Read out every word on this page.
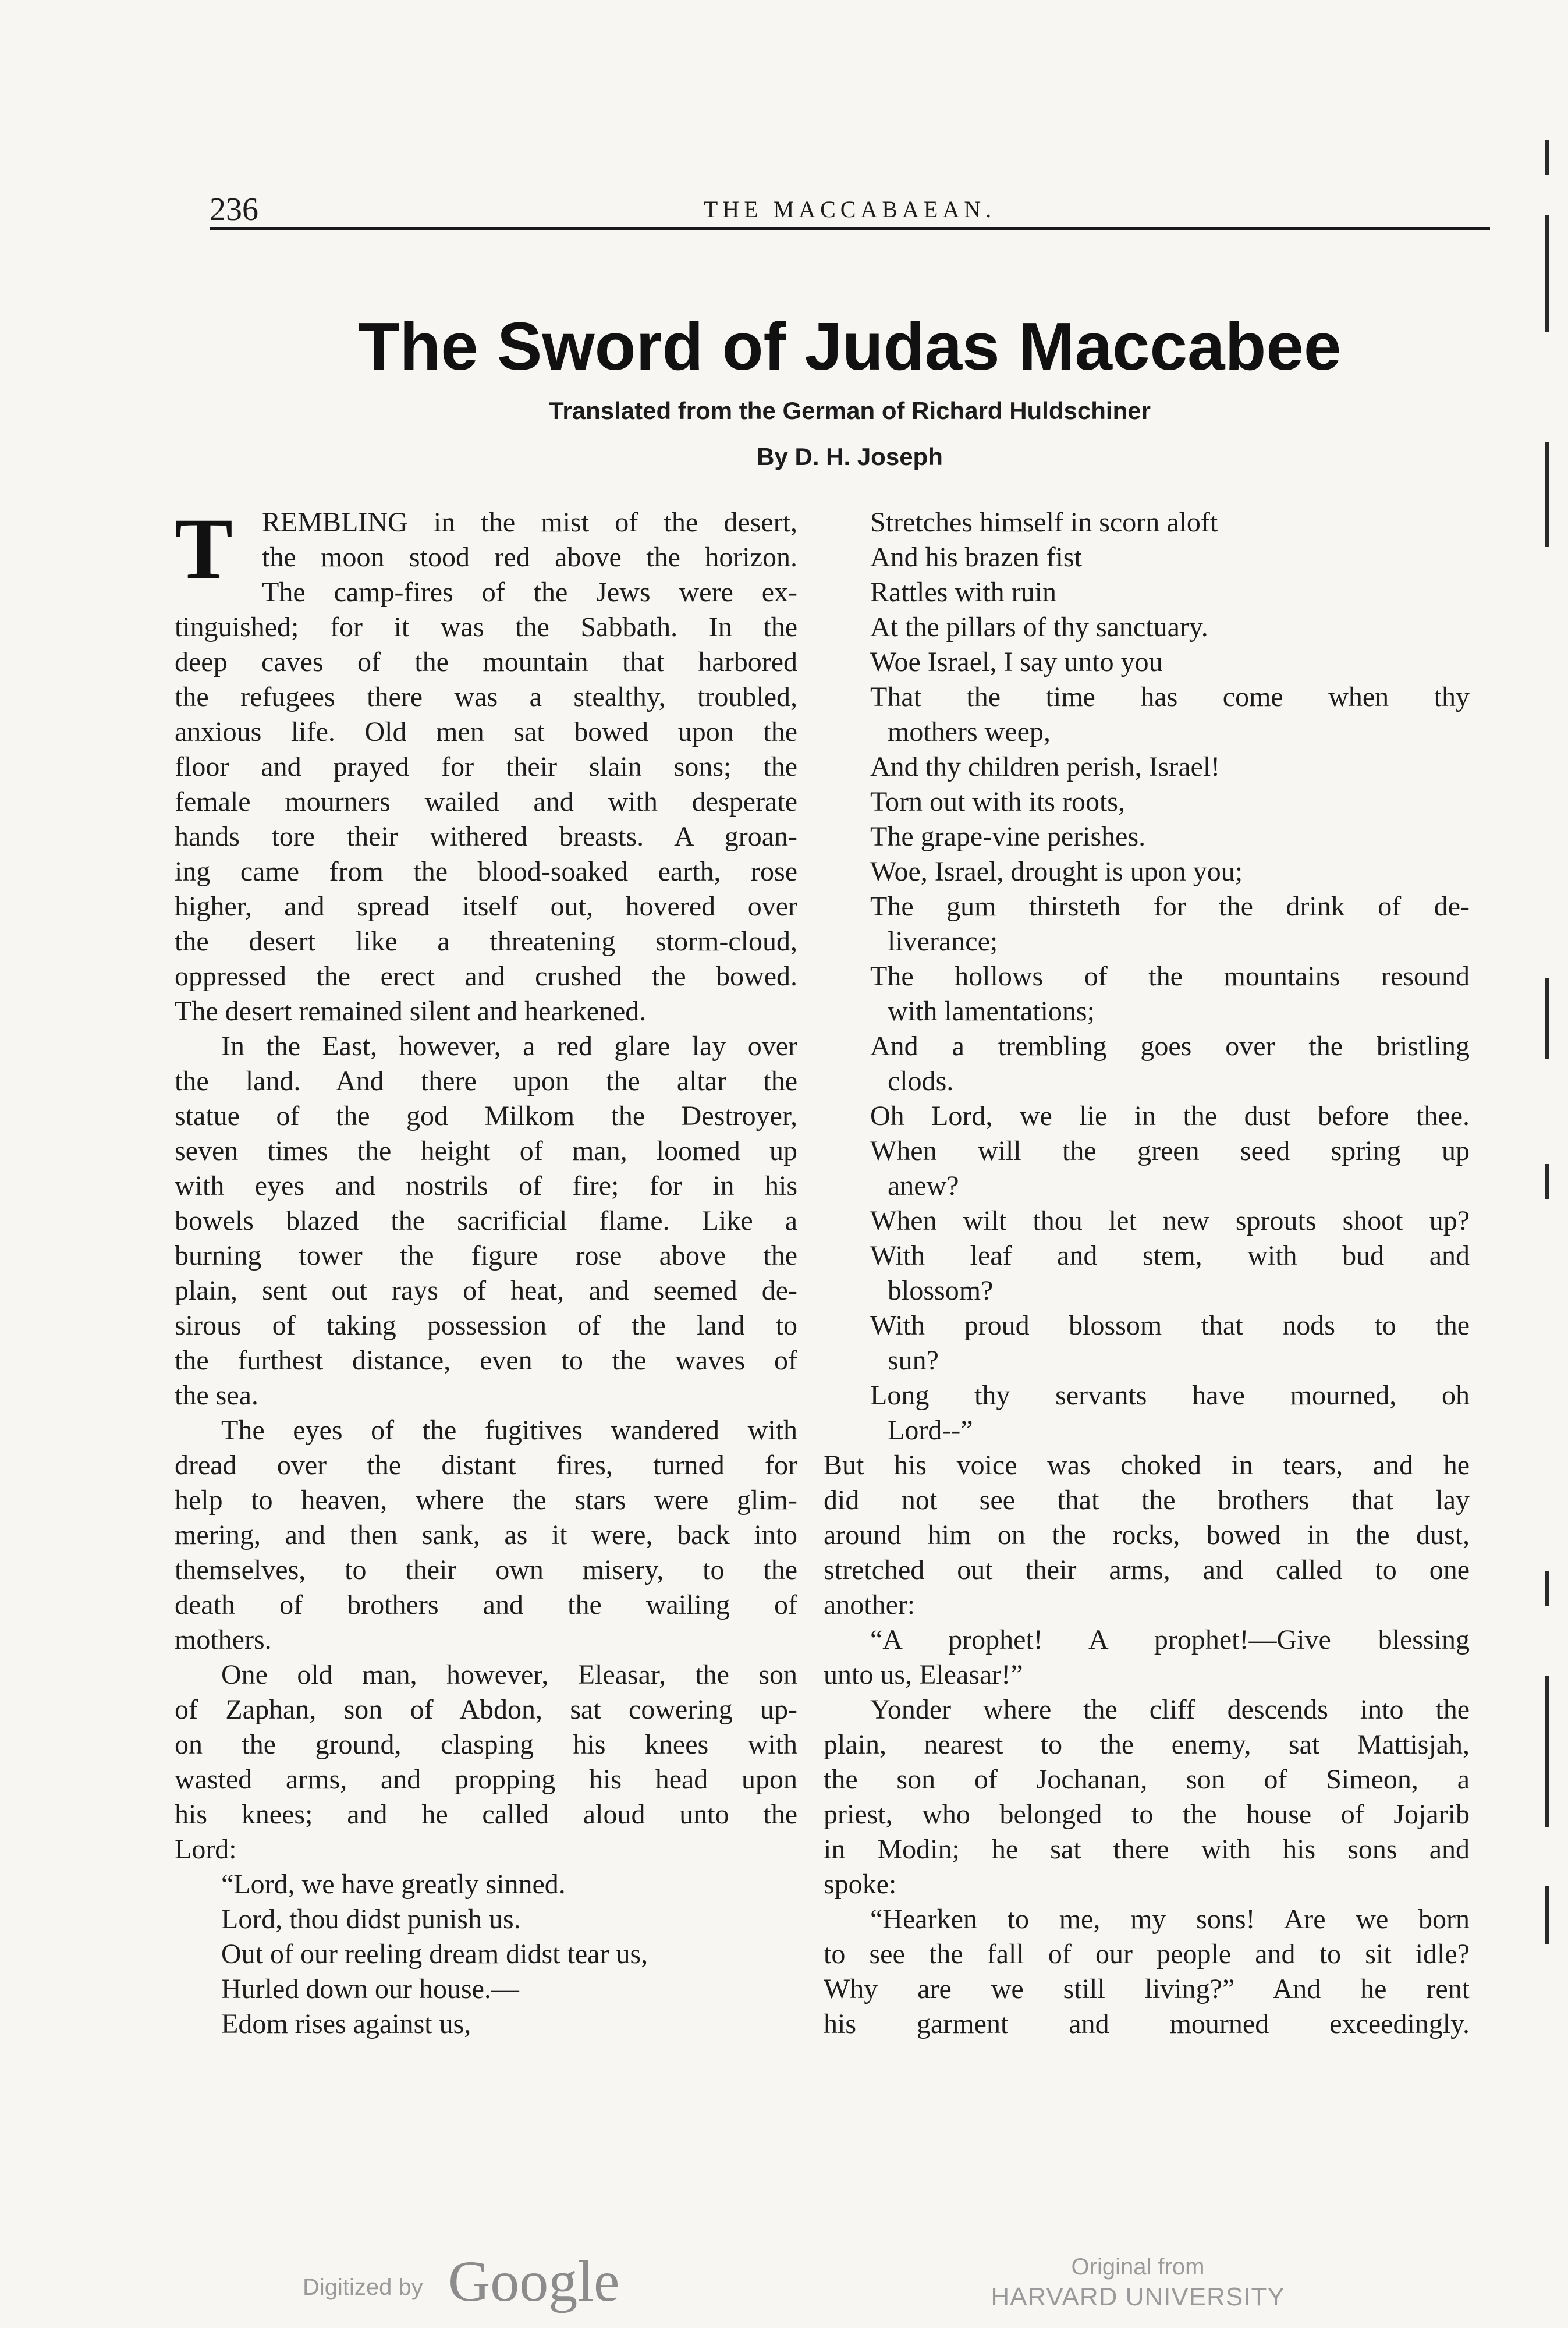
236	THE MACCABAEAN.
The Sword of Judas Maccabee
Translated from the German of Richard Huldschiner
By D. H. Joseph
T	REMBLING in the mist of the desert,
the moon stood red above the horizon.
The camp-fires of the Jews were ex-
tinguished; for it was the Sabbath. In the
deep caves of the mountain that harbored
the refugees there was a stealthy, troubled,
anxious life. Old men sat bowed upon the
floor and prayed for their slain sons; the
female mourners wailed and with desperate
hands tore their withered breasts. A groan-
ing came from the blood-soaked earth, rose
higher, and spread itself out, hovered over
the desert like a threatening storm-cloud,
oppressed the erect and crushed the bowed.
The desert remained silent and hearkened.
In the East, however, a red glare lay over
the land. And there upon the altar the
statue of the god Milkom the Destroyer,
seven times the height of man, loomed up
with eyes and nostrils of fire; for in his
bowels blazed the sacrificial flame. Like a
burning tower the figure rose above the
plain, sent out rays of heat, and seemed de-
sirous of taking possession of the land to
the furthest distance, even to the waves of
the sea.
The eyes of the fugitives wandered with
dread over the distant fires, turned for
help to heaven, where the stars were glim-
mering, and then sank, as it were, back into
themselves, to their own misery, to the
death of brothers and the wailing of
mothers.
One old man, however, Eleasar, the son
of Zaphan, son of Abdon, sat cowering up-
on the ground, clasping his knees with
wasted arms, and propping his head upon
his knees; and he called aloud unto the
Lord:
“Lord, we have greatly sinned.
Lord, thou didst punish us.
Out of our reeling dream didst tear us,
Hurled down our house.—
Edom rises against us,
Stretches himself in scorn aloft
And his brazen fist
Rattles with ruin
At the pillars of thy sanctuary.
Woe Israel, I say unto you
That the time has come when thy
mothers weep,
And thy children perish, Israel!
Torn out with its roots,
The grape-vine perishes.
Woe, Israel, drought is upon you;
The gum thirsteth for the drink of de-
liverance;
The hollows of the mountains resound
with lamentations;
And a trembling goes over the bristling
clods.
Oh Lord, we lie in the dust before thee.
When will the green seed spring up
anew?
When wilt thou let new sprouts shoot up?
With leaf and stem, with bud and
blossom?
With proud blossom that nods to the
sun?
Long thy servants have mourned, oh
Lord--”
But his voice was choked in tears, and he
did not see that the brothers that lay
around him on the rocks, bowed in the dust,
stretched out their arms, and called to one
another:
“A prophet! A prophet!—Give blessing
unto us, Eleasar!”
Yonder where the cliff descends into the
plain, nearest to the enemy, sat Mattisjah,
the son of Jochanan, son of Simeon, a
priest, who belonged to the house of Jojarib
in Modin; he sat there with his sons and
spoke:
“Hearken to me, my sons! Are we born
to see the fall of our people and to sit idle?
Why are we still living?” And he rent
his garment and mourned exceedingly.
Digitized by Google	Original from
HARVARD UNIVERSITY
